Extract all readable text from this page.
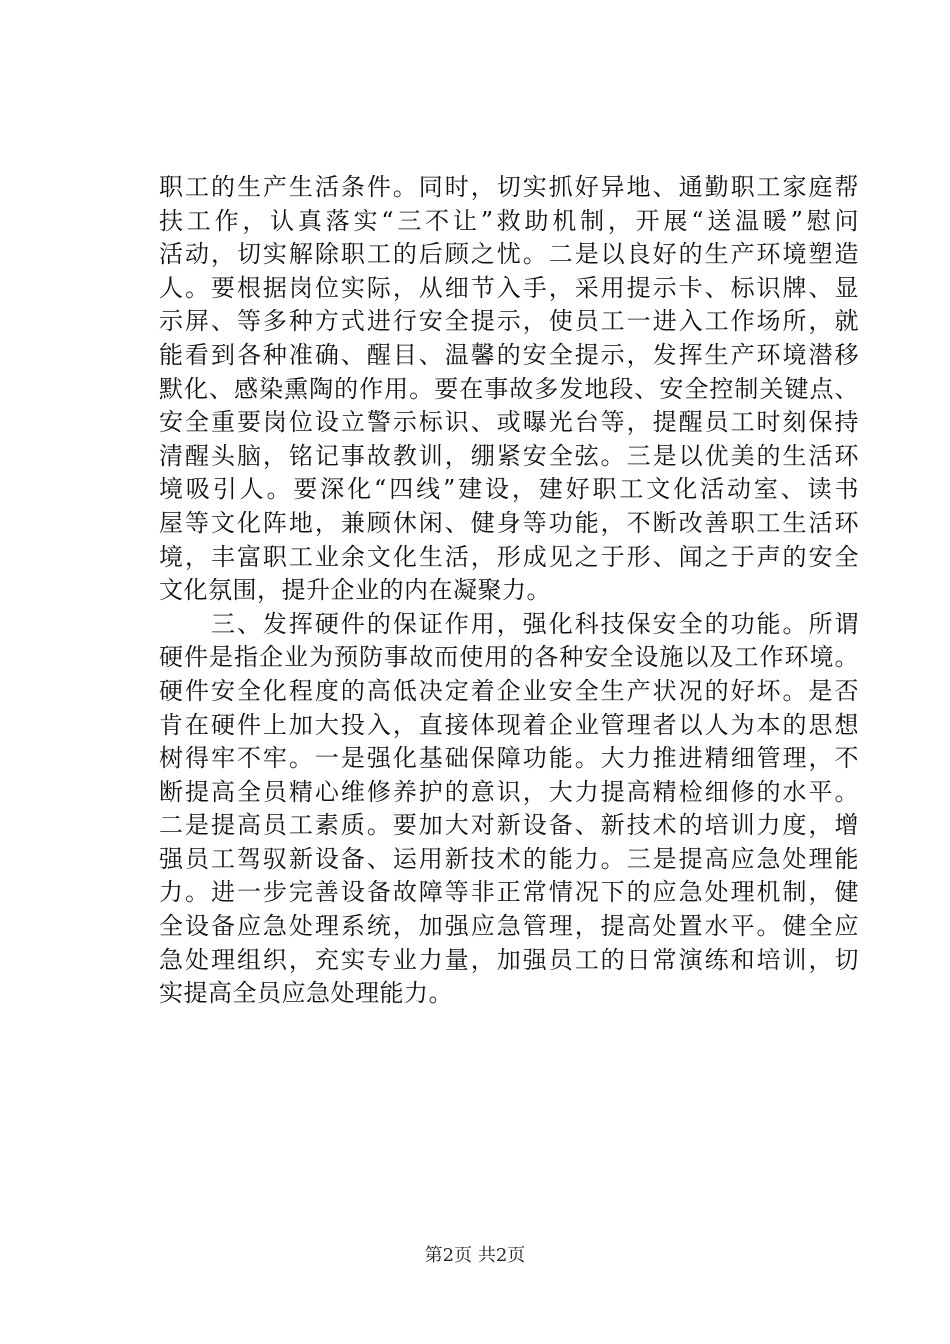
职工的生产生活条件。同时，切实抓好异地、通勤职工家庭帮
扶工作，认真落实“三不让”救助机制，开展“送温暖”慰问
活动，切实解除职工的后顾之忧。二是以良好的生产环境塑造
人。要根据岗位实际，从细节入手，采用提示卡、标识牌、显
示屏、等多种方式进行安全提示，使员工一进入工作场所，就
能看到各种准确、醒目、温馨的安全提示，发挥生产环境潜移
默化、感染熏陶的作用。要在事故多发地段、安全控制关键点、
安全重要岗位设立警示标识、或曝光台等，提醒员工时刻保持
清醒头脑，铭记事故教训，绷紧安全弦。三是以优美的生活环
境吸引人。要深化“四线”建设，建好职工文化活动室、读书
屋等文化阵地，兼顾休闲、健身等功能，不断改善职工生活环
境，丰富职工业余文化生活，形成见之于形、闻之于声的安全
文化氛围，提升企业的内在凝聚力。
　　三、发挥硬件的保证作用，强化科技保安全的功能。所谓
硬件是指企业为预防事故而使用的各种安全设施以及工作环境。
硬件安全化程度的高低决定着企业安全生产状况的好坏。是否
肯在硬件上加大投入，直接体现着企业管理者以人为本的思想
树得牢不牢。一是强化基础保障功能。大力推进精细管理，不
断提高全员精心维修养护的意识，大力提高精检细修的水平。
二是提高员工素质。要加大对新设备、新技术的培训力度，增
强员工驾驭新设备、运用新技术的能力。三是提高应急处理能
力。进一步完善设备故障等非正常情况下的应急处理机制，健
全设备应急处理系统，加强应急管理，提高处置水平。健全应
急处理组织，充实专业力量，加强员工的日常演练和培训，切
实提高全员应急处理能力。
第2页 共2页
